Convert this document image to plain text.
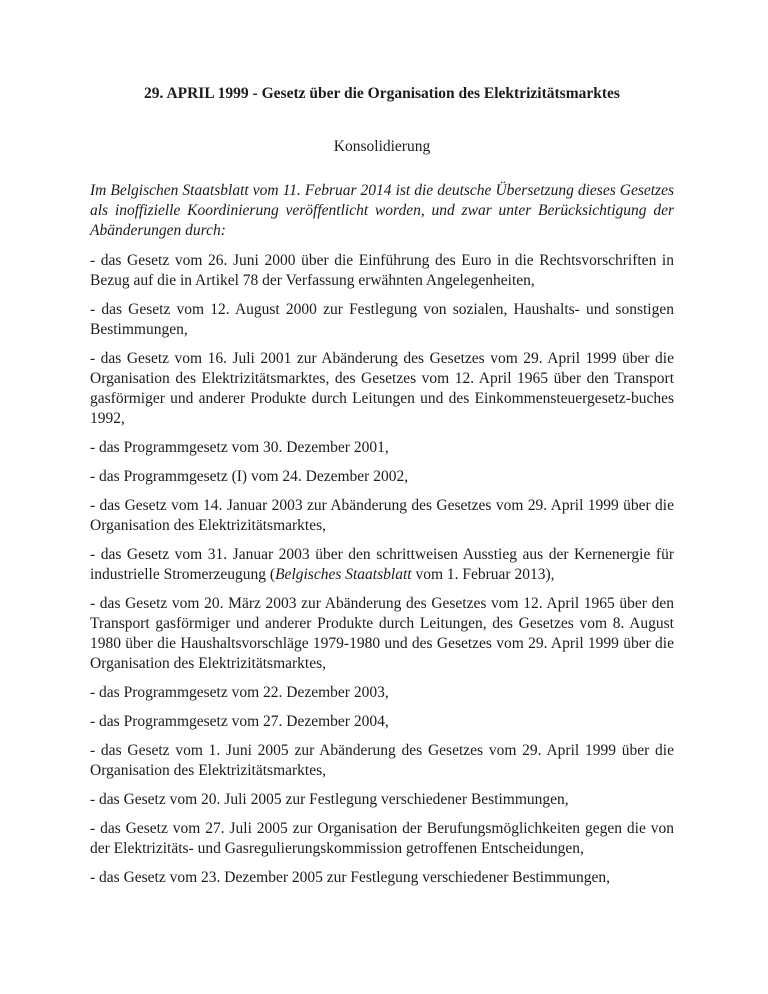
29. APRIL 1999 - Gesetz über die Organisation des Elektrizitätsmarktes

Konsolidierung

Im Belgischen Staatsblatt vom 11. Februar 2014 ist die deutsche Übersetzung dieses Gesetzes als inoffizielle Koordinierung veröffentlicht worden, und zwar unter Berücksichtigung der Abänderungen durch:

- das Gesetz vom 26. Juni 2000 über die Einführung des Euro in die Rechtsvorschriften in Bezug auf die in Artikel 78 der Verfassung erwähnten Angelegenheiten,

- das Gesetz vom 12. August 2000 zur Festlegung von sozialen, Haushalts- und sonstigen Bestimmungen,

- das Gesetz vom 16. Juli 2001 zur Abänderung des Gesetzes vom 29. April 1999 über die Organisation des Elektrizitätsmarktes, des Gesetzes vom 12. April 1965 über den Transport gasförmiger und anderer Produkte durch Leitungen und des Einkommensteuergesetz-buches 1992,

- das Programmgesetz vom 30. Dezember 2001,

- das Programmgesetz (I) vom 24. Dezember 2002,

- das Gesetz vom 14. Januar 2003 zur Abänderung des Gesetzes vom 29. April 1999 über die Organisation des Elektrizitätsmarktes,

- das Gesetz vom 31. Januar 2003 über den schrittweisen Ausstieg aus der Kernenergie für industrielle Stromerzeugung (Belgisches Staatsblatt vom 1. Februar 2013),

- das Gesetz vom 20. März 2003 zur Abänderung des Gesetzes vom 12. April 1965 über den Transport gasförmiger und anderer Produkte durch Leitungen, des Gesetzes vom 8. August 1980 über die Haushaltsvorschläge 1979-1980 und des Gesetzes vom 29. April 1999 über die Organisation des Elektrizitätsmarktes,

- das Programmgesetz vom 22. Dezember 2003,

- das Programmgesetz vom 27. Dezember 2004,

- das Gesetz vom 1. Juni 2005 zur Abänderung des Gesetzes vom 29. April 1999 über die Organisation des Elektrizitätsmarktes,

- das Gesetz vom 20. Juli 2005 zur Festlegung verschiedener Bestimmungen,

- das Gesetz vom 27. Juli 2005 zur Organisation der Berufungsmöglichkeiten gegen die von der Elektrizitäts- und Gasregulierungskommission getroffenen Entscheidungen,

- das Gesetz vom 23. Dezember 2005 zur Festlegung verschiedener Bestimmungen,
